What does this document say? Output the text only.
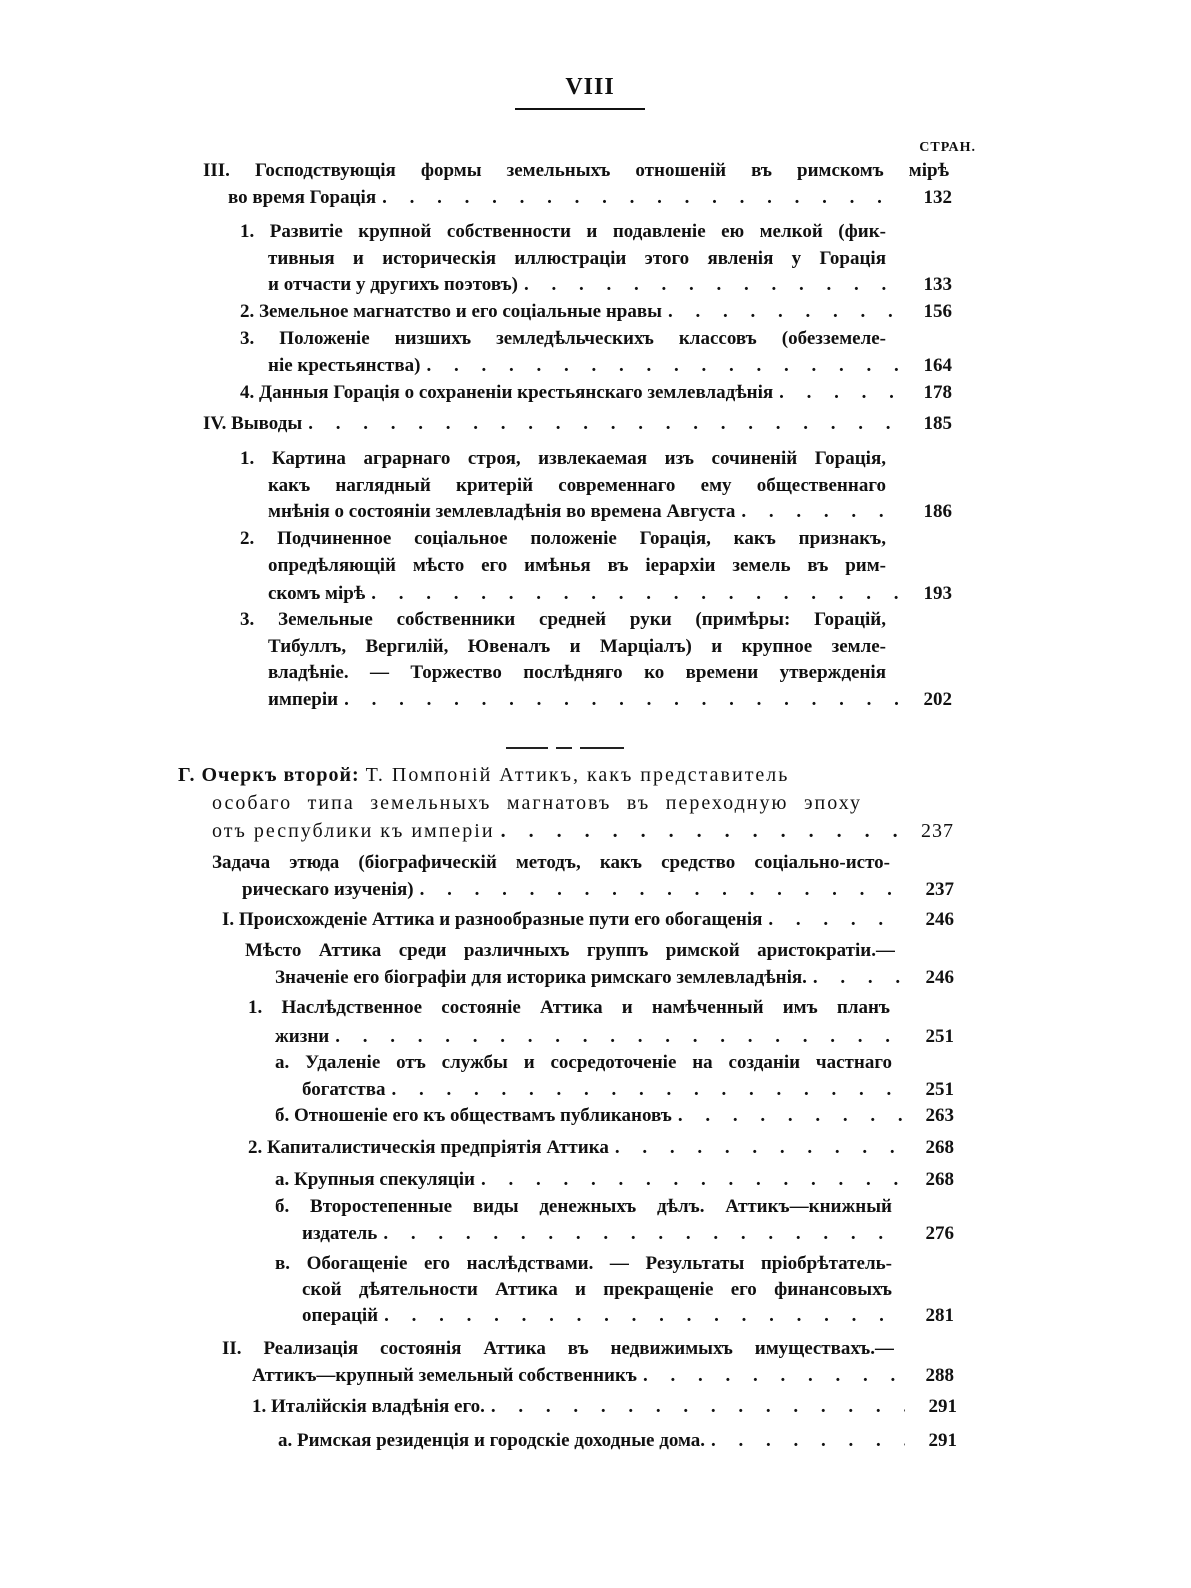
VIII
СТРАН.
III. Господствующія формы земельныхъ отношеній въ римскомъ мірѣ
во время Горація . . .	132
1. Развитіе крупной собственности и подавленіе ею мелкой (фик-
тивныя и историческія иллюстраціи этого явленія у Горація
и отчасти у другихъ поэтовъ) . . .	133
2. Земельное магнатство и его соціальные нравы . . .	156
3. Положеніе низшихъ земледѣльческихъ классовъ (обезземеле-
ніе крестьянства) . . .	164
4. Данныя Горація о сохраненіи крестьянскаго землевладѣнія . . .	178
IV. Выводы . . .	185
1. Картина аграрнаго строя, извлекаемая изъ сочиненій Горація,
какъ наглядный критерій современнаго ему общественнаго
мнѣнія о состояніи землевладѣнія во времена Августа . . .	186
2. Подчиненное соціальное положеніе Горація, какъ признакъ,
опредѣляющій мѣсто его имѣнья въ іерархіи земель въ рим-
скомъ мірѣ . . .	193
3. Земельные собственники средней руки (примѣры: Горацій,
Тибуллъ, Вергилій, Ювеналъ и Марціалъ) и крупное земле-
владѣніе. — Торжество послѣдняго ко времени утвержденія
имперіи . . .	202
Г. Очеркъ второй: Т. Помпоній Аттикъ, какъ представитель
особаго типа земельныхъ магнатовъ въ переходную эпоху
отъ республики къ имперіи . . .	237
Задача этюда (біографическій методъ, какъ средство соціально-исто-
рическаго изученія) . . .	237
I. Происхожденіе Аттика и разнообразные пути его обогащенія . . .	246
Мѣсто Аттика среди различныхъ группъ римской аристократіи.—
Значеніе его біографіи для историка римскаго землевладѣнія. . . .	246
1. Наслѣдственное состояніе Аттика и намѣченный имъ планъ
жизни . . .	251
а. Удаленіе отъ службы и сосредоточеніе на созданіи частнаго
богатства . . .	251
б. Отношеніе его къ обществамъ публикановъ . . .	263
2. Капиталистическія предпріятія Аттика . . .	268
а. Крупныя спекуляціи . . .	268
б. Второстепенные виды денежныхъ дѣлъ. Аттикъ—книжный
издатель . . .	276
в. Обогащеніе его наслѣдствами. — Результаты пріобрѣтатель-
ской дѣятельности Аттика и прекращеніе его финансовыхъ
операцій . . .	281
II. Реализація состоянія Аттика въ недвижимыхъ имуществахъ.—
Аттикъ—крупный земельный собственникъ . . .	288
1. Италійскія владѣнія его. . . .	291
а. Римская резиденція и городскіе доходные дома. . . .	291
